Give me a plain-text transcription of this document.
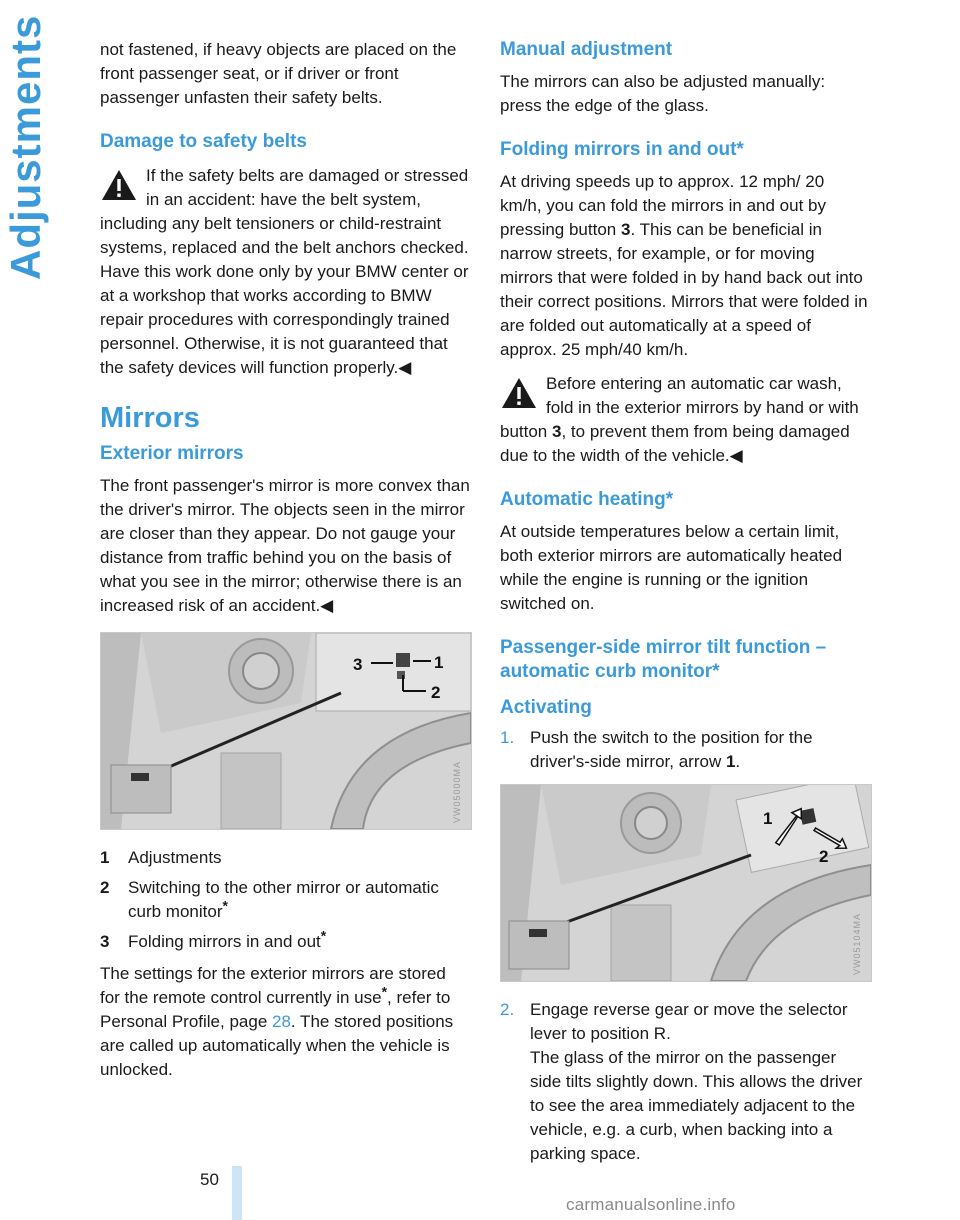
Adjustments	not fastened, if heavy objects are placed on the front passenger seat, or if driver or front passenger unfasten their safety belts.

Damage to safety belts
If the safety belts are damaged or stressed in an accident: have the belt system, including any belt tensioners or child-restraint systems, replaced and the belt anchors checked. Have this work done only by your BMW center or at a workshop that works according to BMW repair procedures with correspondingly trained personnel. Otherwise, it is not guaranteed that the safety devices will function properly.◀
Mirrors
Exterior mirrors

The front passenger's mirror is more convex than the driver's mirror. The objects seen in the mirror are closer than they appear. Do not gauge your distance from traffic behind you on the basis of what you see in the mirror; otherwise there is an increased risk of an accident.◀

3	1
2
VW05000MA
1	Adjustments
2	Switching to the other mirror or automatic curb monitor*
3	Folding mirrors in and out*

The settings for the exterior mirrors are stored for the remote control currently in use*, refer to Personal Profile, page 28. The stored positions are called up automatically when the vehicle is unlocked.

Manual adjustment

The mirrors can also be adjusted manually: press the edge of the glass.

Folding mirrors in and out*

At driving speeds up to approx. 12 mph/ 20 km/h, you can fold the mirrors in and out by pressing button 3. This can be beneficial in narrow streets, for example, or for moving mirrors that were folded in by hand back out into their correct positions. Mirrors that were folded in are folded out automatically at a speed of approx. 25 mph/40 km/h.

Before entering an automatic car wash, fold in the exterior mirrors by hand or with button 3, to prevent them from being damaged due to the width of the vehicle.◀
Automatic heating*

At outside temperatures below a certain limit, both exterior mirrors are automatically heated while the engine is running or the ignition switched on.

Passenger-side mirror tilt function – automatic curb monitor*
Activating
1. Push the switch to the position for the driver's-side mirror, arrow 1.
1
2
VW05104MA
2. Engage reverse gear or move the selector lever to position R.
The glass of the mirror on the passenger side tilts slightly down. This allows the driver to see the area immediately adjacent to the vehicle, e.g. a curb, when backing into a parking space.
50
carmanualsonline.info
